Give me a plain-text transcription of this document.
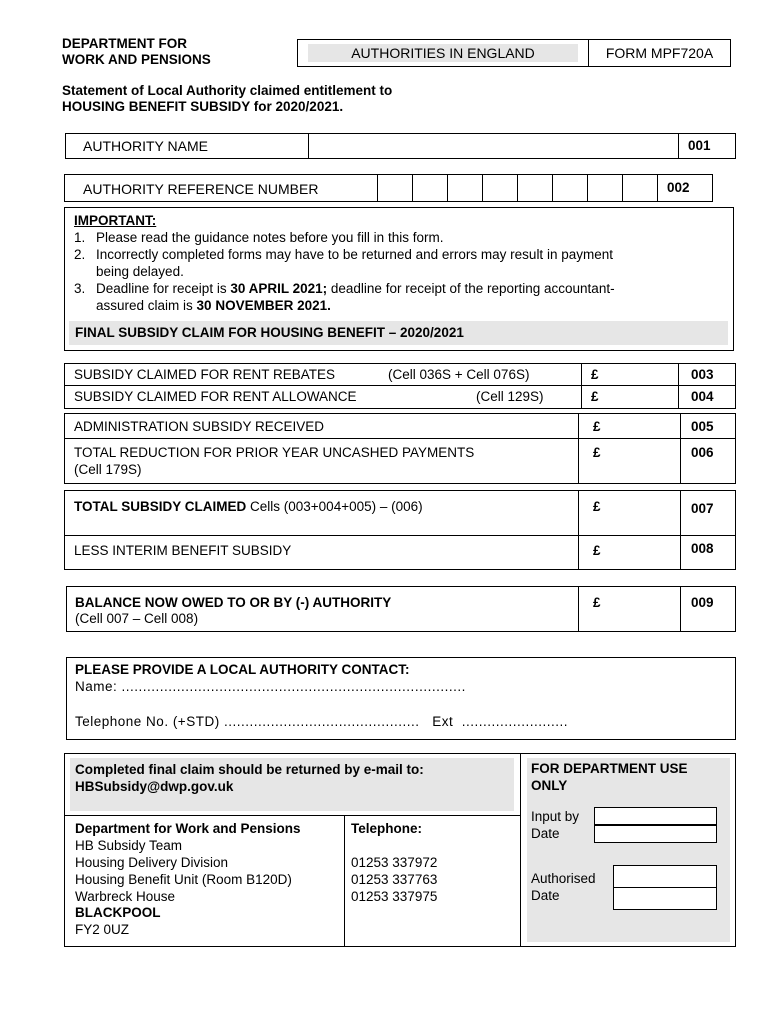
DEPARTMENT FOR
WORK AND PENSIONS	AUTHORITIES IN ENGLAND	FORM MPF720A
Statement of Local Authority claimed entitlement to
HOUSING BENEFIT SUBSIDY for 2020/2021.
AUTHORITY NAME	001
AUTHORITY REFERENCE NUMBER	002
IMPORTANT:
1. Please read the guidance notes before you fill in this form.
2. Incorrectly completed forms may have to be returned and errors may result in payment
being delayed.
3. Deadline for receipt is 30 APRIL 2021; deadline for receipt of the reporting accountant-
assured claim is 30 NOVEMBER 2021.
FINAL SUBSIDY CLAIM FOR HOUSING BENEFIT – 2020/2021
SUBSIDY CLAIMED FOR RENT REBATES	(Cell 036S + Cell 076S)	£	003
SUBSIDY CLAIMED FOR RENT ALLOWANCE	(Cell 129S)	£	004
ADMINISTRATION SUBSIDY RECEIVED	£	005
TOTAL REDUCTION FOR PRIOR YEAR UNCASHED PAYMENTS
(Cell 179S)
£	006
TOTAL SUBSIDY CLAIMED Cells (003+004+005) – (006)	£	007
LESS INTERIM BENEFIT SUBSIDY	£	008
BALANCE NOW OWED TO OR BY (-) AUTHORITY
(Cell 007 – Cell 008)
£	009
PLEASE PROVIDE A LOCAL AUTHORITY CONTACT:
Name: .................................................................................
Telephone No. (+STD) ..............................................   Ext  .........................
Completed final claim should be returned by e-mail to:
HBSubsidy@dwp.gov.uk
Department for Work and Pensions
HB Subsidy Team
Housing Delivery Division
Housing Benefit Unit (Room B120D)
Warbreck House
BLACKPOOL
FY2 0UZ
Telephone:
01253 337972
01253 337763
01253 337975
FOR DEPARTMENT USE
ONLY
Input by
Date
Authorised
Date
